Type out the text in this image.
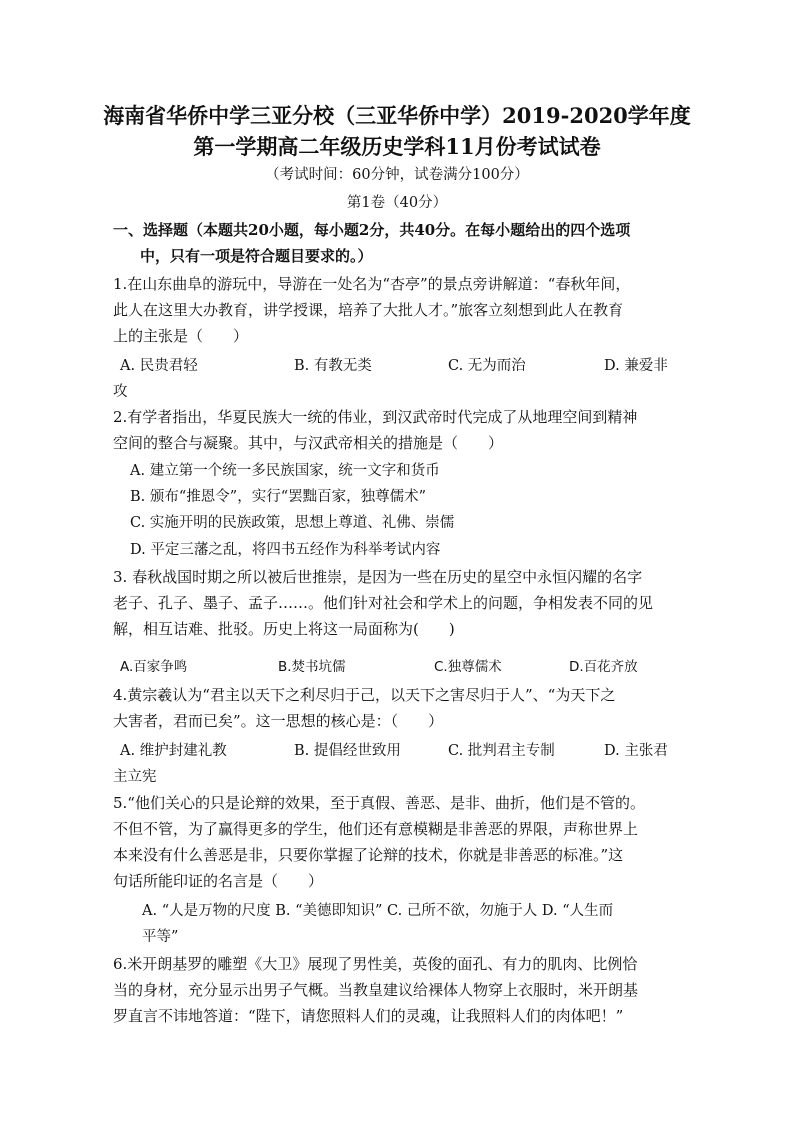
海南省华侨中学三亚分校（三亚华侨中学）2019-2020学年度
第一学期高二年级历史学科11月份考试试卷
（考试时间：60分钟，试卷满分100分）
第1卷（40分）
一、选择题（本题共20小题，每小题2分，共40分。在每小题给出的四个选项
中，只有一项是符合题目要求的。）
1.在山东曲阜的游玩中，导游在一处名为“杏亭”的景点旁讲解道：“春秋年间，
此人在这里大办教育，讲学授课，培养了大批人才。”旅客立刻想到此人在教育
上的主张是（　　）
A. 民贵君轻	B. 有教无类	C. 无为而治	D. 兼爱非
攻
2.有学者指出，华夏民族大一统的伟业，到汉武帝时代完成了从地理空间到精神
空间的整合与凝聚。其中，与汉武帝相关的措施是（　　）
A. 建立第一个统一多民族国家，统一文字和货币
B. 颁布“推恩令”，实行“罢黜百家，独尊儒术”
C. 实施开明的民族政策，思想上尊道、礼佛、崇儒
D. 平定三藩之乱，将四书五经作为科举考试内容
3. 春秋战国时期之所以被后世推崇，是因为一些在历史的星空中永恒闪耀的名字
老子、孔子、墨子、孟子……。他们针对社会和学术上的问题，争相发表不同的见
解，相互诘难、批驳。历史上将这一局面称为(　　)
A.百家争鸣	B.焚书坑儒	C.独尊儒术	D.百花齐放
4.黄宗羲认为“君主以天下之利尽归于己，以天下之害尽归于人”、“为天下之
大害者，君而已矣”。这一思想的核心是：（　　）
A. 维护封建礼教	B. 提倡经世致用	C. 批判君主专制	D. 主张君
主立宪
5.“他们关心的只是论辩的效果，至于真假、善恶、是非、曲折，他们是不管的。
不但不管，为了赢得更多的学生，他们还有意模糊是非善恶的界限，声称世界上
本来没有什么善恶是非，只要你掌握了论辩的技术，你就是非善恶的标准。”这
句话所能印证的名言是（　　）
A. “人是万物的尺度 B. “美德即知识” C. 己所不欲，勿施于人 D. “人生而
平等”
6.米开朗基罗的雕塑《大卫》展现了男性美，英俊的面孔、有力的肌肉、比例恰
当的身材，充分显示出男子气概。当教皇建议给裸体人物穿上衣服时，米开朗基
罗直言不讳地答道：“陛下，请您照料人们的灵魂，让我照料人们的肉体吧！”
